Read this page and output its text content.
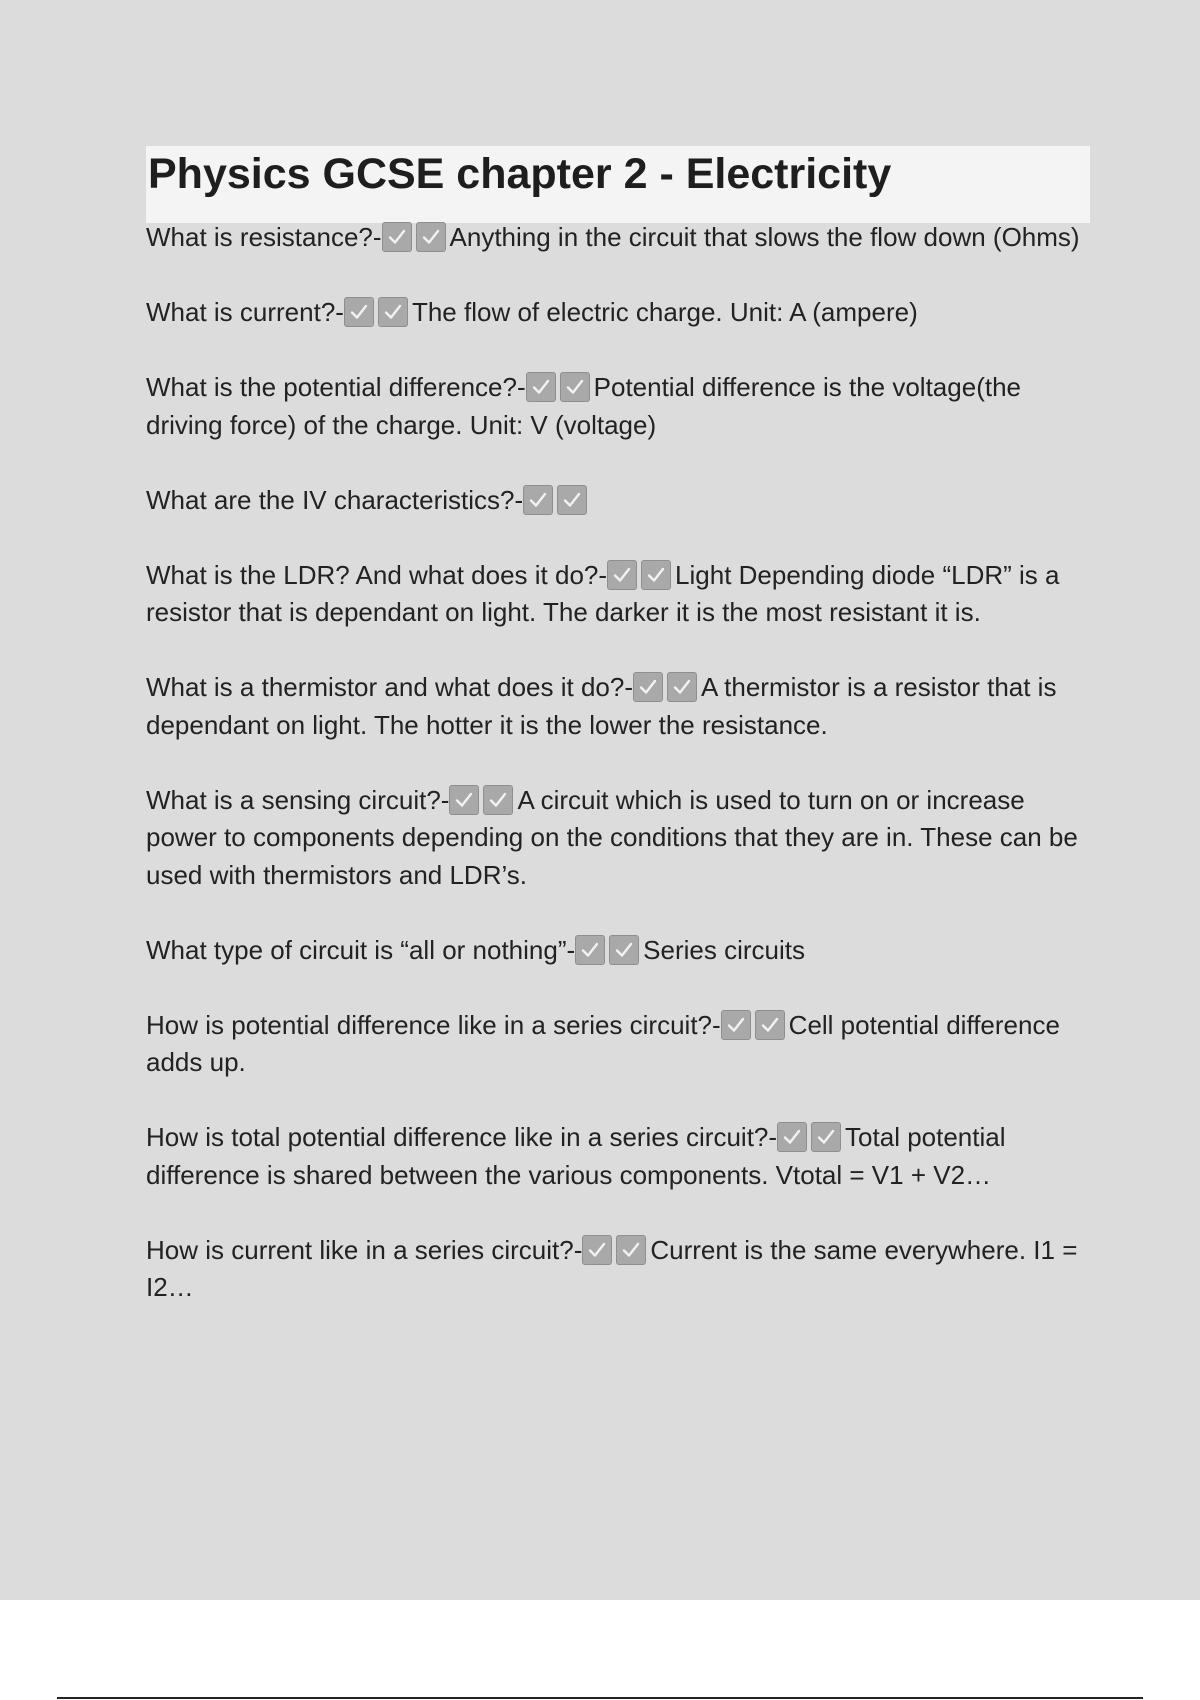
Physics GCSE chapter 2 - Electricity

What is resistance?-	Anything in the circuit that slows the flow down (Ohms)

What is current?-	The flow of electric charge. Unit: A (ampere)

What is the potential difference?-	Potential difference is the voltage(the driving force) of the charge. Unit: V (voltage)

What are the IV characteristics?-

What is the LDR? And what does it do?-	Light Depending diode “LDR” is a resistor that is dependant on light. The darker it is the most resistant it is.

What is a thermistor and what does it do?-	A thermistor is a resistor that is dependant on light. The hotter it is the lower the resistance.

What is a sensing circuit?-	A circuit which is used to turn on or increase power to components depending on the conditions that they are in. These can be used with thermistors and LDR’s.

What type of circuit is “all or nothing”-	Series circuits

How is potential difference like in a series circuit?-	Cell potential difference adds up.

How is total potential difference like in a series circuit?-	Total potential difference is shared between the various components. Vtotal = V1 + V2…

How is current like in a series circuit?-	Current is the same everywhere. I1 = I2…
